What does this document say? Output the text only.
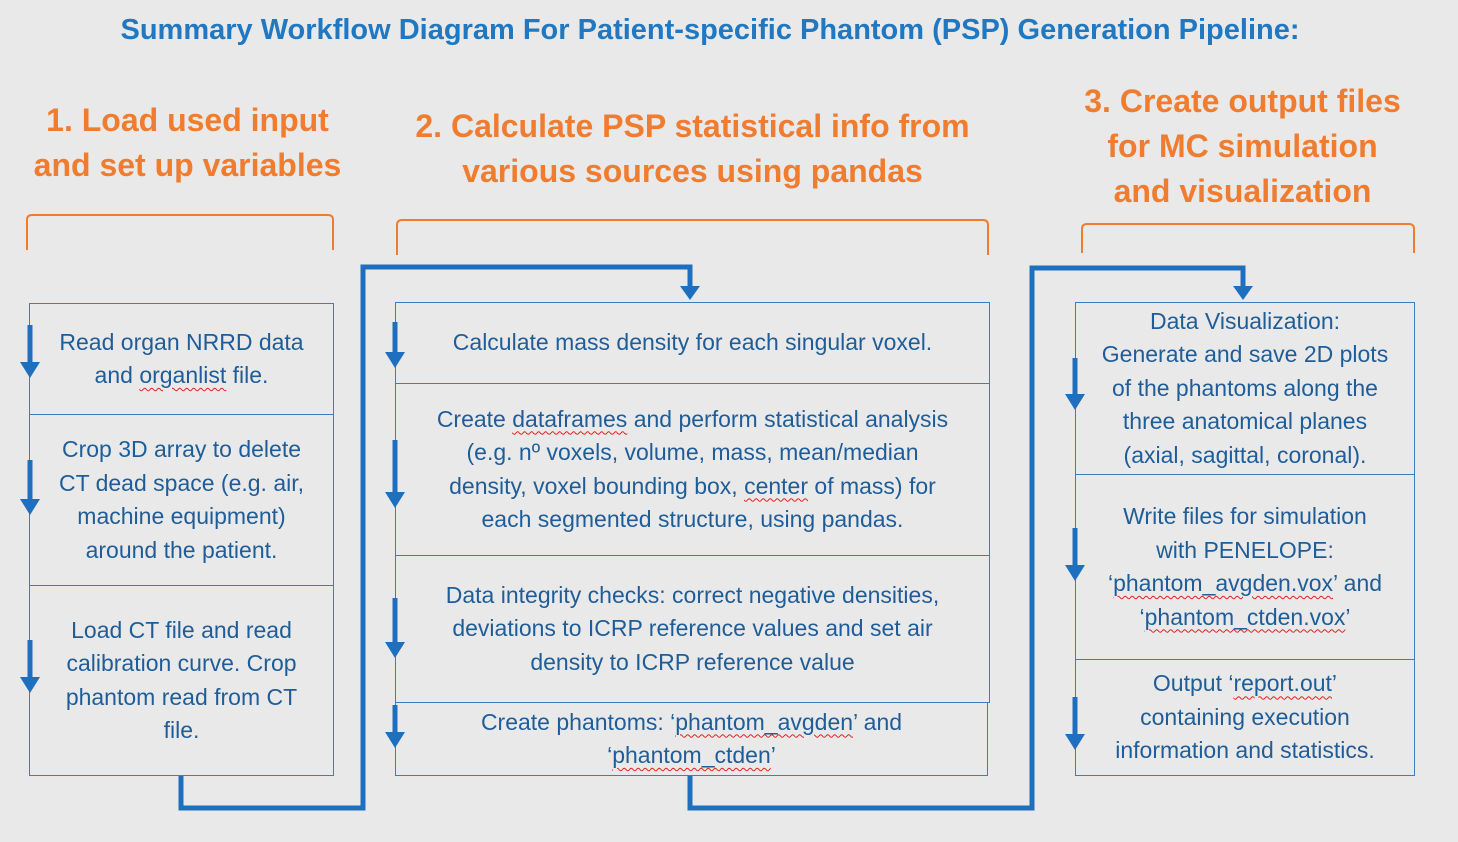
Summary Workflow Diagram For Patient-specific Phantom (PSP) Generation Pipeline:
1. Load used input
and set up variables
2. Calculate PSP statistical info from
various sources using pandas
3. Create output files
for MC simulation
and visualization
Read organ NRRD data
and organlist file.
Crop 3D array to delete
CT dead space (e.g. air,
machine equipment)
around the patient.
Load CT file and read
calibration curve. Crop
phantom read from CT
file.
Calculate mass density for each singular voxel.
Create dataframes and perform statistical analysis
(e.g. nº voxels, volume, mass, mean/median
density, voxel bounding box, center of mass) for
each segmented structure, using pandas.
Data integrity checks: correct negative densities,
deviations to ICRP reference values and set air
density to ICRP reference value
Create phantoms: ‘phantom_avgden’ and
‘phantom_ctden’
Data Visualization:
Generate and save 2D plots
of the phantoms along the
three anatomical planes
(axial, sagittal, coronal).
Write files for simulation
with PENELOPE:
‘phantom_avgden.vox’ and
‘phantom_ctden.vox’
Output ‘report.out’
containing execution
information and statistics.
